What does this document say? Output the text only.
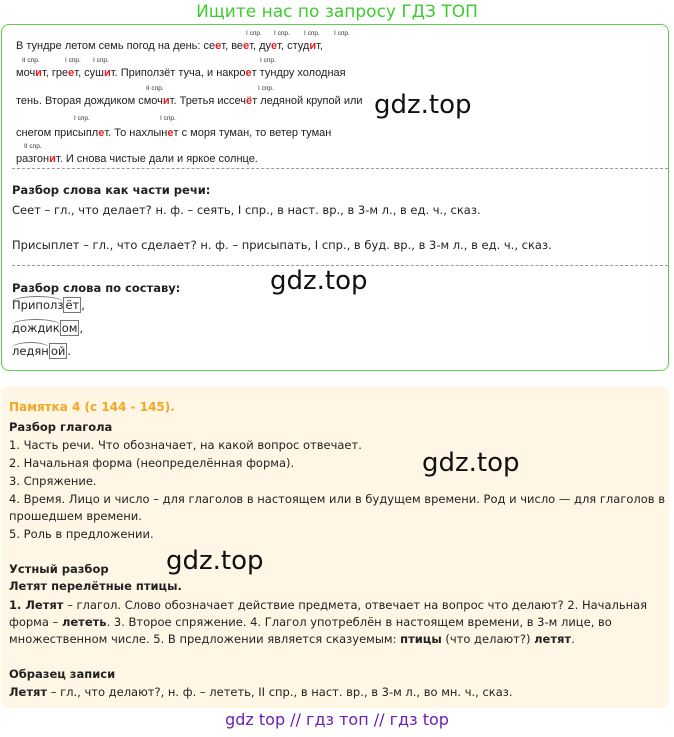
Ищите нас по запросу ГДЗ ТОП
I спр. I спр. I спр. I спр.
В тундре летом семь погод на день: сеет, веет, дует, студит,
II спр.	I спр. I спр.	I спр.
мочит, греет, сушит. Приползёт туча, и накроет тундру холодная
II спр.	I спр.
тень. Вторая дождиком смочит. Третья иссечёт ледяной крупой или
I спр.	I спр.
снегом присыплет. То нахлынет с моря туман, то ветер туман
II спр.
разгонит. И снова чистые дали и яркое солнце.
Разбор слова как части речи:
Сеет – гл., что делает? н. ф. – сеять, I спр., в наст. вр., в 3-м л., в ед. ч., сказ.
Присыплет – гл., что сделает? н. ф. – присыпать, I спр., в буд. вр., в 3-м л., в ед. ч., сказ.
Разбор слова по составу:
Приполз ёт ,
дождик ом ,
ледян ой .
gdz.top
gdz.top
Памятка 4 (с 144 - 145).
Разбор глагола
1. Часть речи. Что обозначает, на какой вопрос отвечает.
2. Начальная форма (неопределённая форма).
3. Спряжение.
4. Время. Лицо и число – для глаголов в настоящем или в будущем времени. Род и число — для глаголов в
прошедшем времени.
5. Роль в предложении.
Устный разбор
Летят перелётные птицы.
1. Летят – глагол. Слово обозначает действие предмета, отвечает на вопрос что делают? 2. Начальная
форма – лететь. 3. Второе спряжение. 4. Глагол употреблён в настоящем времени, в 3-м лице, во
множественном числе. 5. В предложении является сказуемым: птицы (что делают?) летят.
Образец записи
Летят – гл., что делают?, н. ф. – лететь, II спр., в наст. вр., в 3-м л., во мн. ч., сказ.
gdz.top
gdz.top
gdz top // гдз топ // гдз top
